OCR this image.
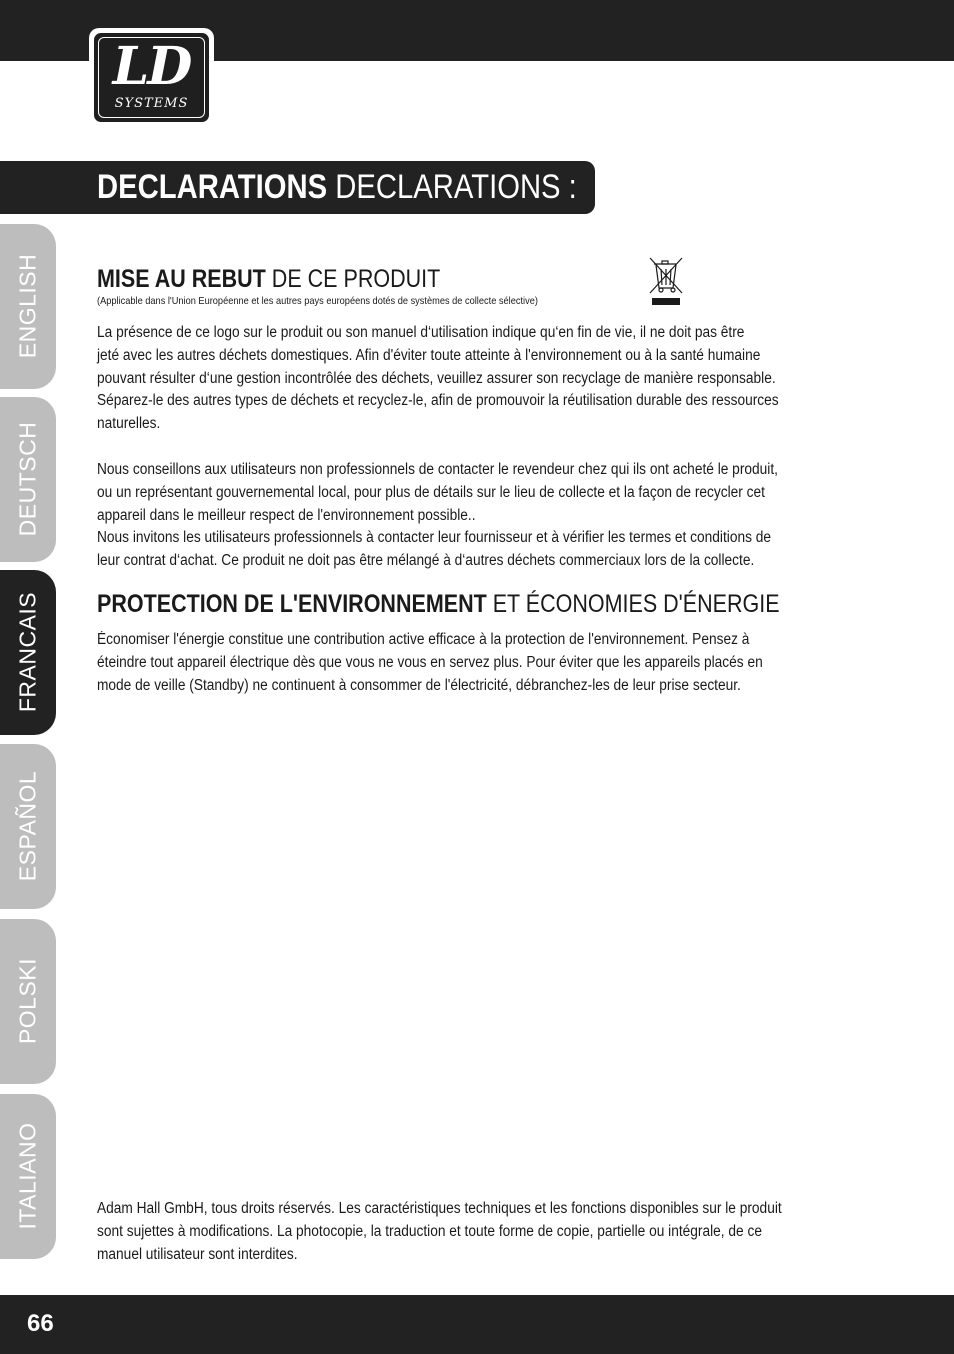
LD
SYSTEMS
DECLARATIONS DECLARATIONS :
ENGLISH
DEUTSCH
FRANCAIS
ESPAÑOL
POLSKI
ITALIANO
MISE AU REBUT DE CE PRODUIT
(Applicable dans l'Union Européenne et les autres pays européens dotés de systèmes de collecte sélective)
La présence de ce logo sur le produit ou son manuel d‘utilisation indique qu‘en fin de vie, il ne doit pas être
jeté avec les autres déchets domestiques. Afin d'éviter toute atteinte à l'environnement ou à la santé humaine
pouvant résulter d‘une gestion incontrôlée des déchets, veuillez assurer son recyclage de manière responsable.
Séparez-le des autres types de déchets et recyclez-le, afin de promouvoir la réutilisation durable des ressources
naturelles.
Nous conseillons aux utilisateurs non professionnels de contacter le revendeur chez qui ils ont acheté le produit,
ou un représentant gouvernemental local, pour plus de détails sur le lieu de collecte et la façon de recycler cet
appareil dans le meilleur respect de l'environnement possible..
Nous invitons les utilisateurs professionnels à contacter leur fournisseur et à vérifier les termes et conditions de
leur contrat d‘achat. Ce produit ne doit pas être mélangé à d‘autres déchets commerciaux lors de la collecte.
PROTECTION DE L'ENVIRONNEMENT ET ÉCONOMIES D'ÉNERGIE
Économiser l'énergie constitue une contribution active efficace à la protection de l'environnement. Pensez à
éteindre tout appareil électrique dès que vous ne vous en servez plus. Pour éviter que les appareils placés en
mode de veille (Standby) ne continuent à consommer de l'électricité, débranchez-les de leur prise secteur.
Adam Hall GmbH, tous droits réservés. Les caractéristiques techniques et les fonctions disponibles sur le produit
sont sujettes à modifications. La photocopie, la traduction et toute forme de copie, partielle ou intégrale, de ce
manuel utilisateur sont interdites.
66
